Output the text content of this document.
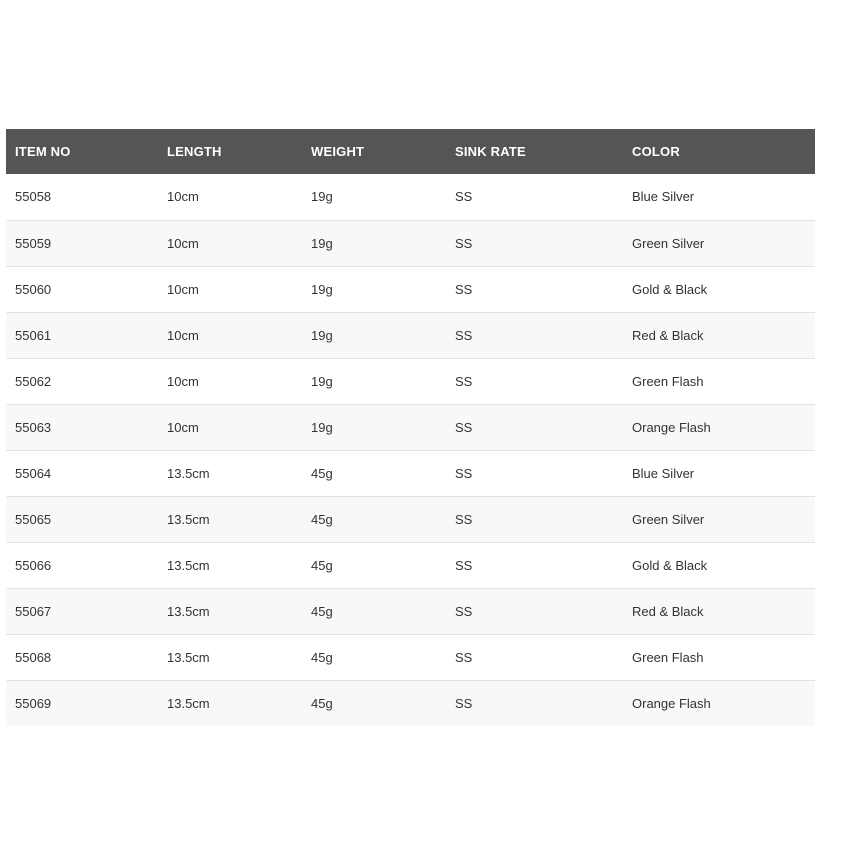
ITEM NO	LENGTH	WEIGHT	SINK RATE	COLOR
55058	10cm	19g	SS	Blue Silver
55059	10cm	19g	SS	Green Silver
55060	10cm	19g	SS	Gold & Black
55061	10cm	19g	SS	Red & Black
55062	10cm	19g	SS	Green Flash
55063	10cm	19g	SS	Orange Flash
55064	13.5cm	45g	SS	Blue Silver
55065	13.5cm	45g	SS	Green Silver
55066	13.5cm	45g	SS	Gold & Black
55067	13.5cm	45g	SS	Red & Black
55068	13.5cm	45g	SS	Green Flash
55069	13.5cm	45g	SS	Orange Flash
